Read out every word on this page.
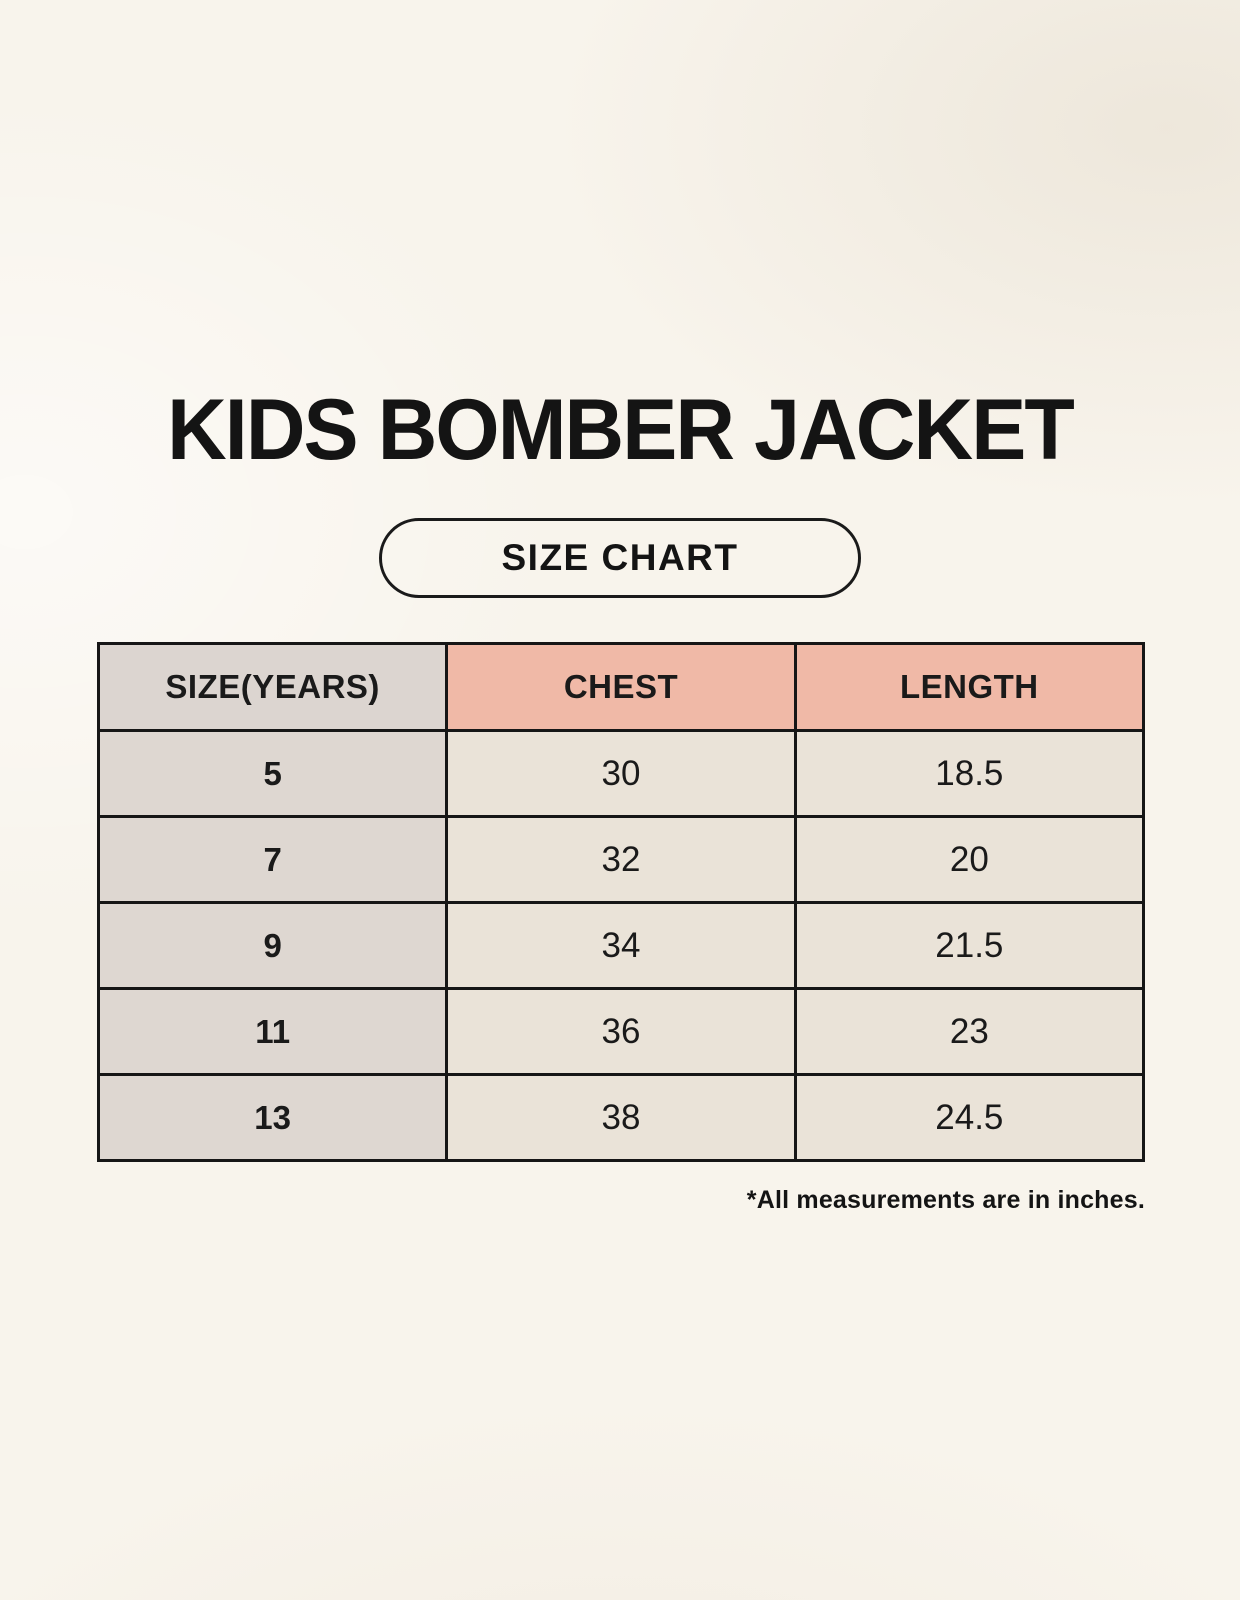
KIDS BOMBER JACKET
SIZE CHART
SIZE(YEARS)	CHEST	LENGTH
5	30	18.5
7	32	20
9	34	21.5
11	36	23
13	38	24.5
*All measurements are in inches.
